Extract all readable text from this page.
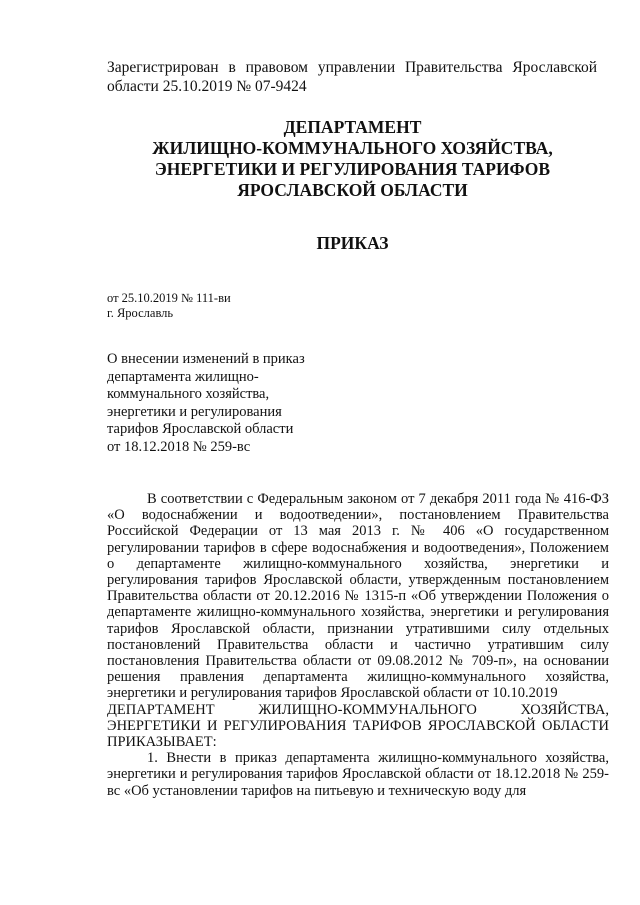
Зарегистрирован в правовом управлении Правительства Ярославской области 25.10.2019 № 07-9424
ДЕПАРТАМЕНТ
ЖИЛИЩНО-КОММУНАЛЬНОГО ХОЗЯЙСТВА,
ЭНЕРГЕТИКИ И РЕГУЛИРОВАНИЯ ТАРИФОВ
ЯРОСЛАВСКОЙ ОБЛАСТИ
ПРИКАЗ
от 25.10.2019 № 111-ви
г. Ярославль
О внесении изменений в приказ
департамента жилищно-
коммунального хозяйства,
энергетики и регулирования
тарифов Ярославской области
от 18.12.2018 № 259-вс

В соответствии с Федеральным законом от 7 декабря 2011 года № 416-ФЗ «О водоснабжении и водоотведении», постановлением Правительства Российской Федерации от 13 мая 2013 г. № 406 «О государственном регулировании тарифов в сфере водоснабжения и водоотведения», Положением о департаменте жилищно-коммунального хозяйства, энергетики и регулирования тарифов Ярославской области, утвержденным постановлением Правительства области от 20.12.2016 № 1315-п «Об утверждении Положения о департаменте жилищно-коммунального хозяйства, энергетики и регулирования тарифов Ярославской области, признании утратившими силу отдельных постановлений Правительства области и частично утратившим силу постановления Правительства области от 09.08.2012 № 709-п», на основании решения правления департамента жилищно-коммунального хозяйства, энергетики и регулирования тарифов Ярославской области от 10.10.2019

ДЕПАРТАМЕНТ ЖИЛИЩНО-КОММУНАЛЬНОГО ХОЗЯЙСТВА, ЭНЕРГЕТИКИ И РЕГУЛИРОВАНИЯ ТАРИФОВ ЯРОСЛАВСКОЙ ОБЛАСТИ ПРИКАЗЫВАЕТ:

1. Внести в приказ департамента жилищно-коммунального хозяйства, энергетики и регулирования тарифов Ярославской области от 18.12.2018 № 259-вс «Об установлении тарифов на питьевую и техническую воду для
